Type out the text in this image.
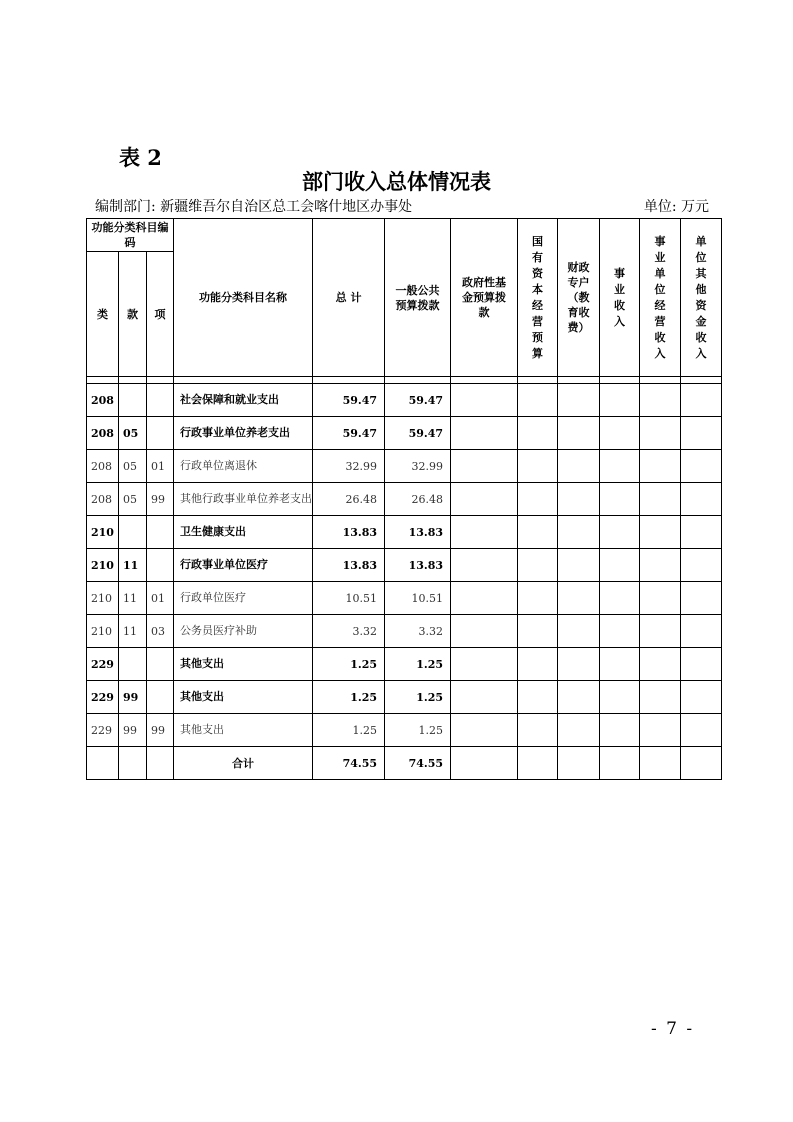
表 2
部门收入总体情况表
编制部门: 新疆维吾尔自治区总工会喀什地区办事处	单位: 万元
功能分类科目编码			功能分类科目名称	总 计	一般公共预算拨款	政府性基金预算拨款	国有资本经营预算	财政专户（教育收费）	事业收入	事业单位经营收入	单位其他资金收入

类	款	项									

208			社会保障和就业支出	59.47	59.47						
208	05		行政事业单位养老支出	59.47	59.47						
208	05	01	行政单位离退休	32.99	32.99						
208	05	99	其他行政事业单位养老支出	26.48	26.48						
210			卫生健康支出	13.83	13.83						
210	11		行政事业单位医疗	13.83	13.83						
210	11	01	行政单位医疗	10.51	10.51						
210	11	03	公务员医疗补助	3.32	3.32						
229			其他支出	1.25	1.25						
229	99		其他支出	1.25	1.25						
229	99	99	其他支出	1.25	1.25						
			合计	74.55	74.55						
- 7 -
